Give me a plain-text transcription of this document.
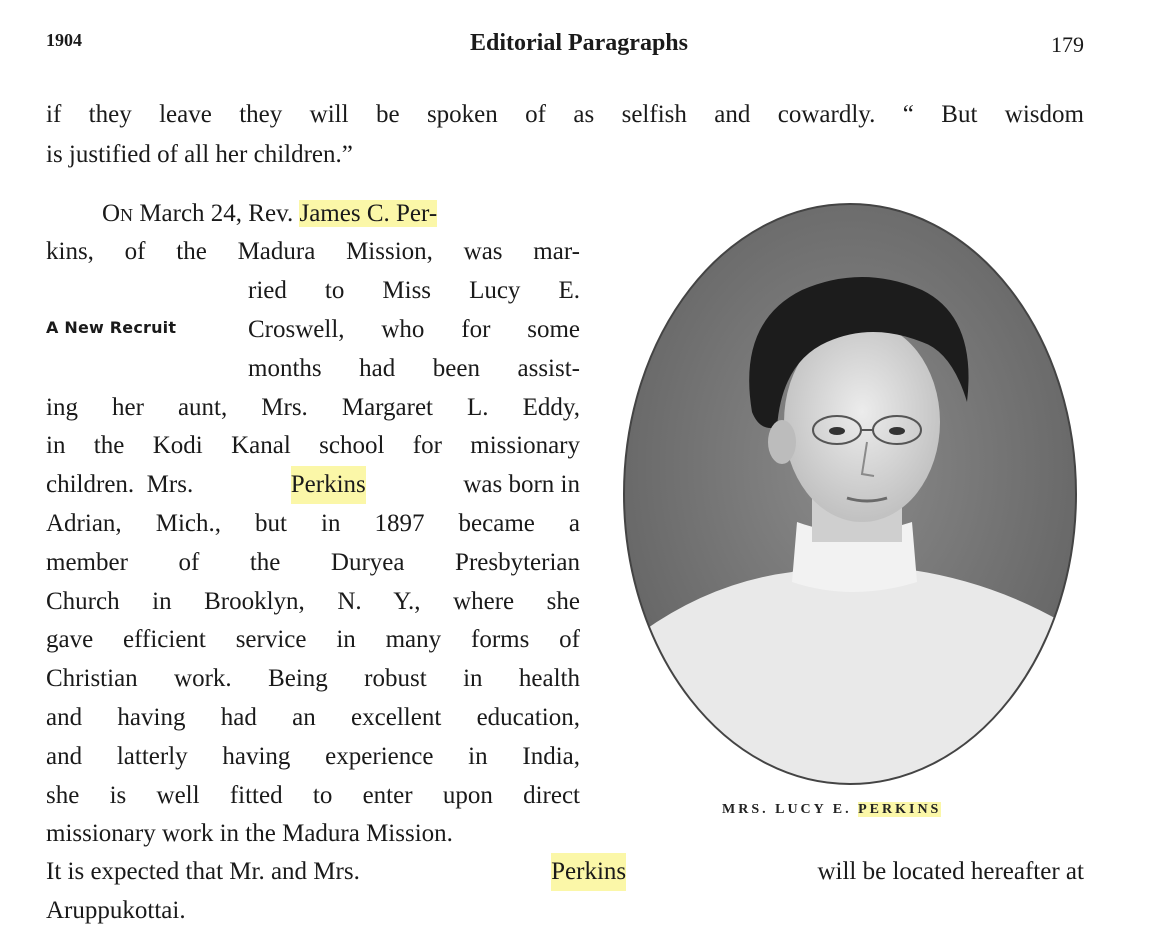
1904	Editorial Paragraphs	179
if they leave they will be spoken of as selfish and cowardly. “ But wisdom
is justified of all her children.”
On March 24, Rev. James C. Per-
kins, of the Madura Mission, was mar-
ried to Miss Lucy E.
A New Recruit	Croswell, who for some
months had been assist-
ing her aunt, Mrs. Margaret L. Eddy,
in the Kodi Kanal school for missionary
children.  Mrs.	Perkins	was born in
Adrian, Mich., but in 1897 became a
member of the Duryea Presbyterian
Church in Brooklyn, N. Y., where she
gave efficient service in many forms of
Christian work. Being robust in health
and having had an excellent education,
and latterly having experience in India,
she is well fitted to enter upon direct
missionary work in the Madura Mission.
It is expected that Mr. and Mrs.	Perkins	will be located hereafter at
Aruppukottai.
MRS. LUCY E. PERKINS
